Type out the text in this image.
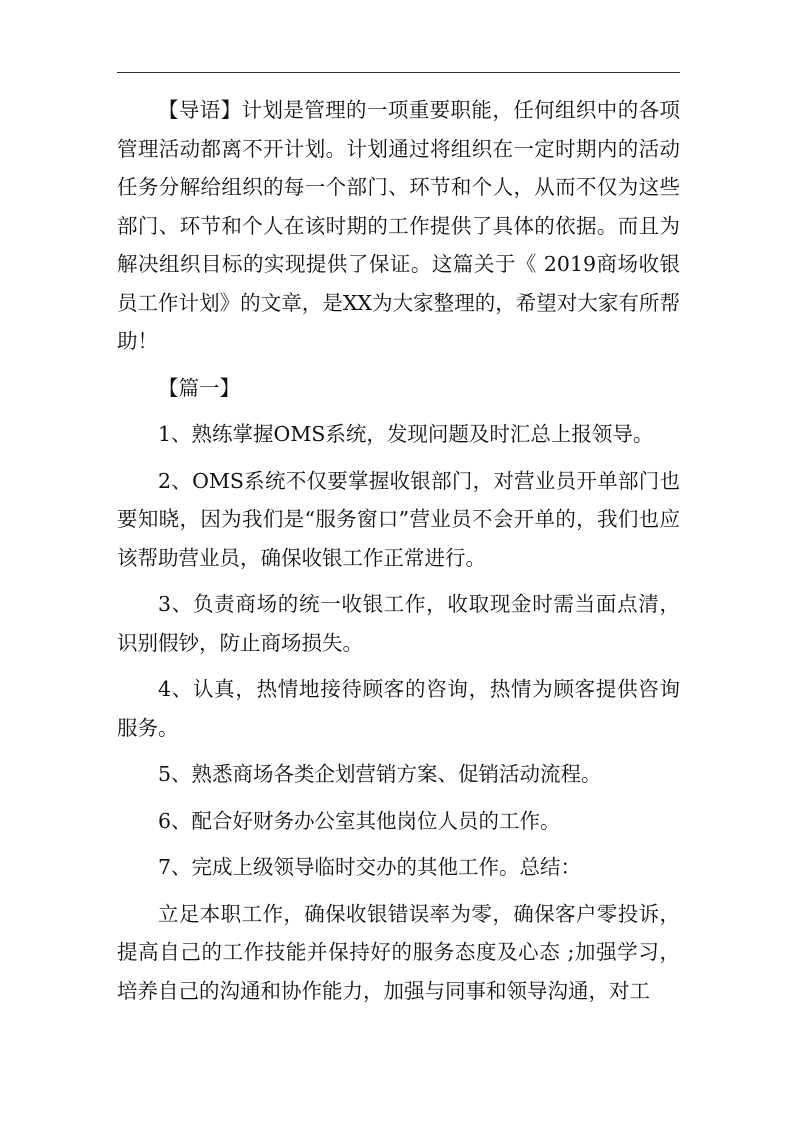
【导语】计划是管理的一项重要职能，任何组织中的各项管理活动都离不开计划。计划通过将组织在一定时期内的活动任务分解给组织的每一个部门、环节和个人，从而不仅为这些部门、环节和个人在该时期的工作提供了具体的依据。而且为解决组织目标的实现提供了保证。这篇关于《 2019商场收银员工作计划》的文章，是XX为大家整理的，希望对大家有所帮助！

【篇一】

1、熟练掌握OMS系统，发现问题及时汇总上报领导。

2、OMS系统不仅要掌握收银部门，对营业员开单部门也要知晓，因为我们是“服务窗口”营业员不会开单的，我们也应该帮助营业员，确保收银工作正常进行。

3、负责商场的统一收银工作，收取现金时需当面点清，识别假钞，防止商场损失。

4、认真，热情地接待顾客的咨询，热情为顾客提供咨询服务。

5、熟悉商场各类企划营销方案、促销活动流程。

6、配合好财务办公室其他岗位人员的工作。

7、完成上级领导临时交办的其他工作。总结：

立足本职工作，确保收银错误率为零，确保客户零投诉，提高自己的工作技能并保持好的服务态度及心态 ;加强学习，培养自己的沟通和协作能力，加强与同事和领导沟通，对工
